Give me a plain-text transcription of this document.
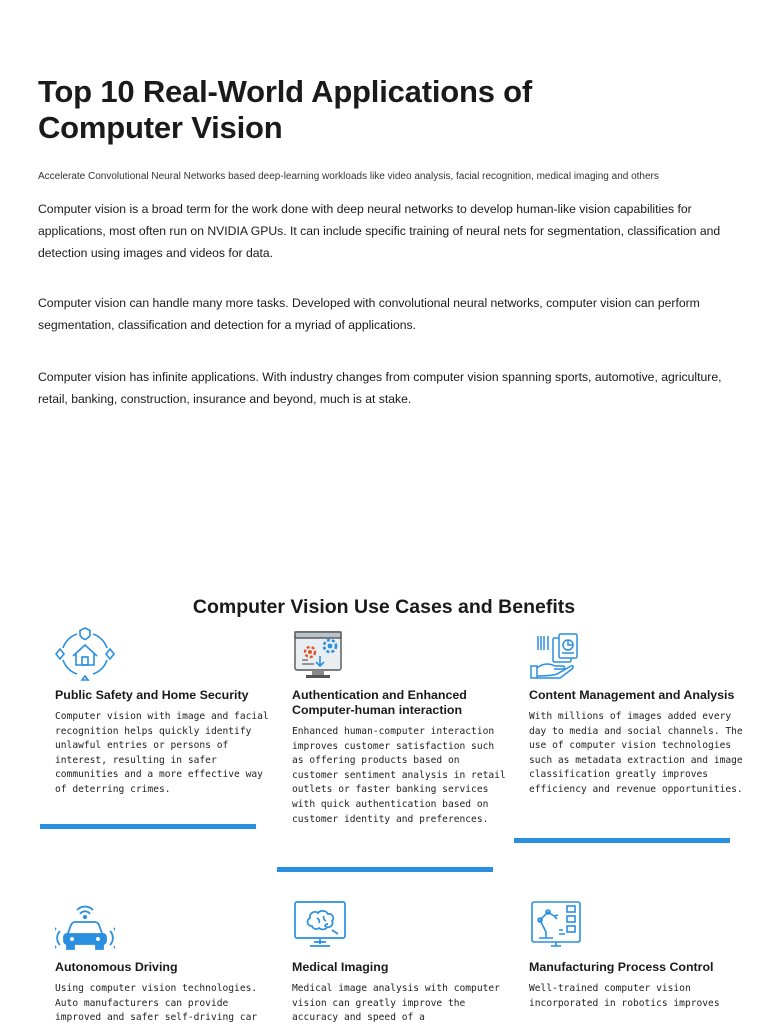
Top 10 Real-World Applications of Computer Vision

Accelerate Convolutional Neural Networks based deep-learning workloads like video analysis, facial recognition, medical imaging and others

Computer vision is a broad term for the work done with deep neural networks to develop human-like vision capabilities for applications, most often run on NVIDIA GPUs. It can include specific training of neural nets for segmentation, classification and detection using images and videos for data.

Computer vision can handle many more tasks. Developed with convolutional neural networks, computer vision can perform segmentation, classification and detection for a myriad of applications.

Computer vision has infinite applications. With industry changes from computer vision spanning sports, automotive, agriculture, retail, banking, construction, insurance and beyond, much is at stake.

Computer Vision Use Cases and Benefits
Public Safety and Home Security

Computer vision with image and facial recognition helps quickly identify unlawful entries or persons of interest, resulting in safer communities and a more effective way of deterring crimes.

Authentication and Enhanced Computer-human interaction

Enhanced human-computer interaction improves customer satisfaction such as offering products based on customer sentiment analysis in retail outlets or faster banking services with quick authentication based on customer identity and preferences.

Content Management and Analysis

With millions of images added every day to media and social channels. The use of computer vision technologies such as metadata extraction and image classification greatly improves efficiency and revenue opportunities.

Autonomous Driving

Using computer vision technologies. Auto manufacturers can provide improved and safer self-driving car

Medical Imaging

Medical image analysis with computer vision can greatly improve the accuracy and speed of a

Manufacturing Process Control

Well-trained computer vision incorporated in robotics improves
